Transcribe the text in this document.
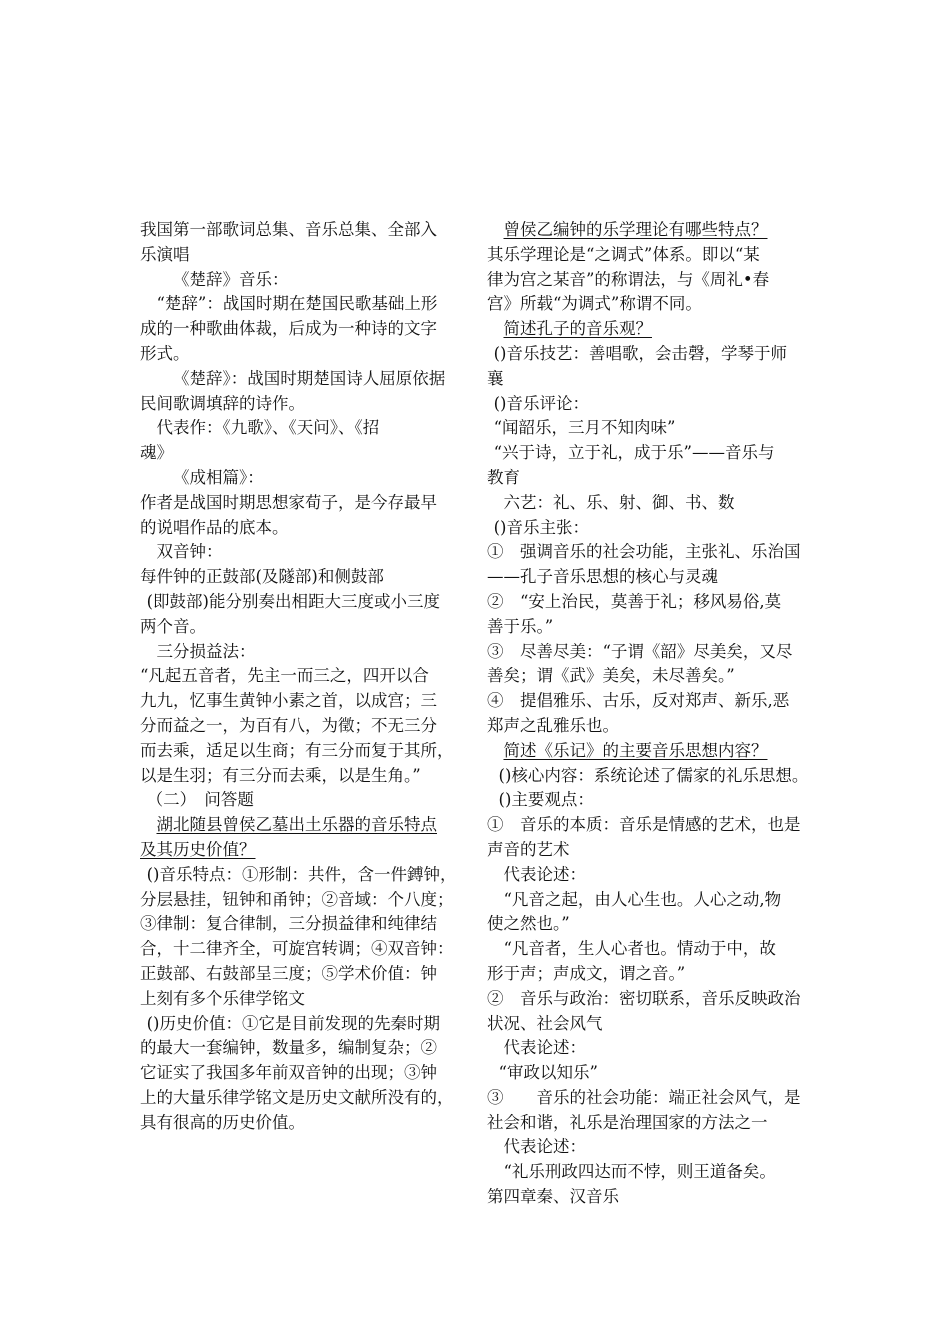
我国第一部歌词总集、音乐总集、全部入
乐演唱
《楚辞》音乐：
“楚辞”：战国时期在楚国民歌基础上形
成的一种歌曲体裁，后成为一种诗的文字
形式。
《楚辞》：战国时期楚国诗人屈原依据
民间歌调填辞的诗作。
代表作：《九歌》、《天问》、《招
魂》
《成相篇》：
作者是战国时期思想家荀子，是今存最早
的说唱作品的底本。
双音钟：
每件钟的正鼓部(及隧部)和侧鼓部
(即鼓部)能分别奏出相距大三度或小三度
两个音。
三分损益法：
“凡起五音者，先主一而三之，四开以合
九九，忆事生黄钟小素之首，以成宫；三
分而益之一，为百有八，为徵；不无三分
而去乘，适足以生商；有三分而复于其所，
以是生羽；有三分而去乘，以是生角。”
（二）　问答题
湖北随县曾侯乙墓出土乐器的音乐特点
及其历史价值？
()音乐特点：①形制：共件，含一件鎛钟，
分层悬挂，钮钟和甬钟；②音域：个八度；
③律制：复合律制，三分损益律和纯律结
合，十二律齐全，可旋宫转调；④双音钟：
正鼓部、右鼓部呈三度；⑤学术价值：钟
上刻有多个乐律学铭文
()历史价值：①它是目前发现的先秦时期
的最大一套编钟，数量多，编制复杂；②
它证实了我国多年前双音钟的出现；③钟
上的大量乐律学铭文是历史文献所没有的，
具有很高的历史价值。
曾侯乙编钟的乐学理论有哪些特点？
其乐学理论是“之调式”体系。即以“某
律为宫之某音”的称谓法，与《周礼•春
宫》所载“为调式”称谓不同。
简述孔子的音乐观？
()音乐技艺：善唱歌，会击磬，学琴于师
襄
()音乐评论：
“闻韶乐，三月不知肉味”
“兴于诗，立于礼，成于乐”——音乐与
教育
六艺：礼、乐、射、御、书、数
()音乐主张：
①　强调音乐的社会功能，主张礼、乐治国
——孔子音乐思想的核心与灵魂
②　“安上治民，莫善于礼；移风易俗,莫
善于乐。”
③　尽善尽美：“子谓《韶》尽美矣，又尽
善矣；谓《武》美矣，未尽善矣。”
④　提倡雅乐、古乐，反对郑声、新乐,恶
郑声之乱雅乐也。
简述《乐记》的主要音乐思想内容？
()核心内容：系统论述了儒家的礼乐思想。
()主要观点：
①　音乐的本质：音乐是情感的艺术，也是
声音的艺术
代表论述：
“凡音之起，由人心生也。人心之动,物
使之然也。”
“凡音者，生人心者也。情动于中，故
形于声；声成文，谓之音。”
②　音乐与政治：密切联系，音乐反映政治
状况、社会风气
代表论述：
“审政以知乐”
③　　音乐的社会功能：端正社会风气，是
社会和谐，礼乐是治理国家的方法之一
代表论述：
“礼乐刑政四达而不悖，则王道备矣。
第四章秦、汉音乐
